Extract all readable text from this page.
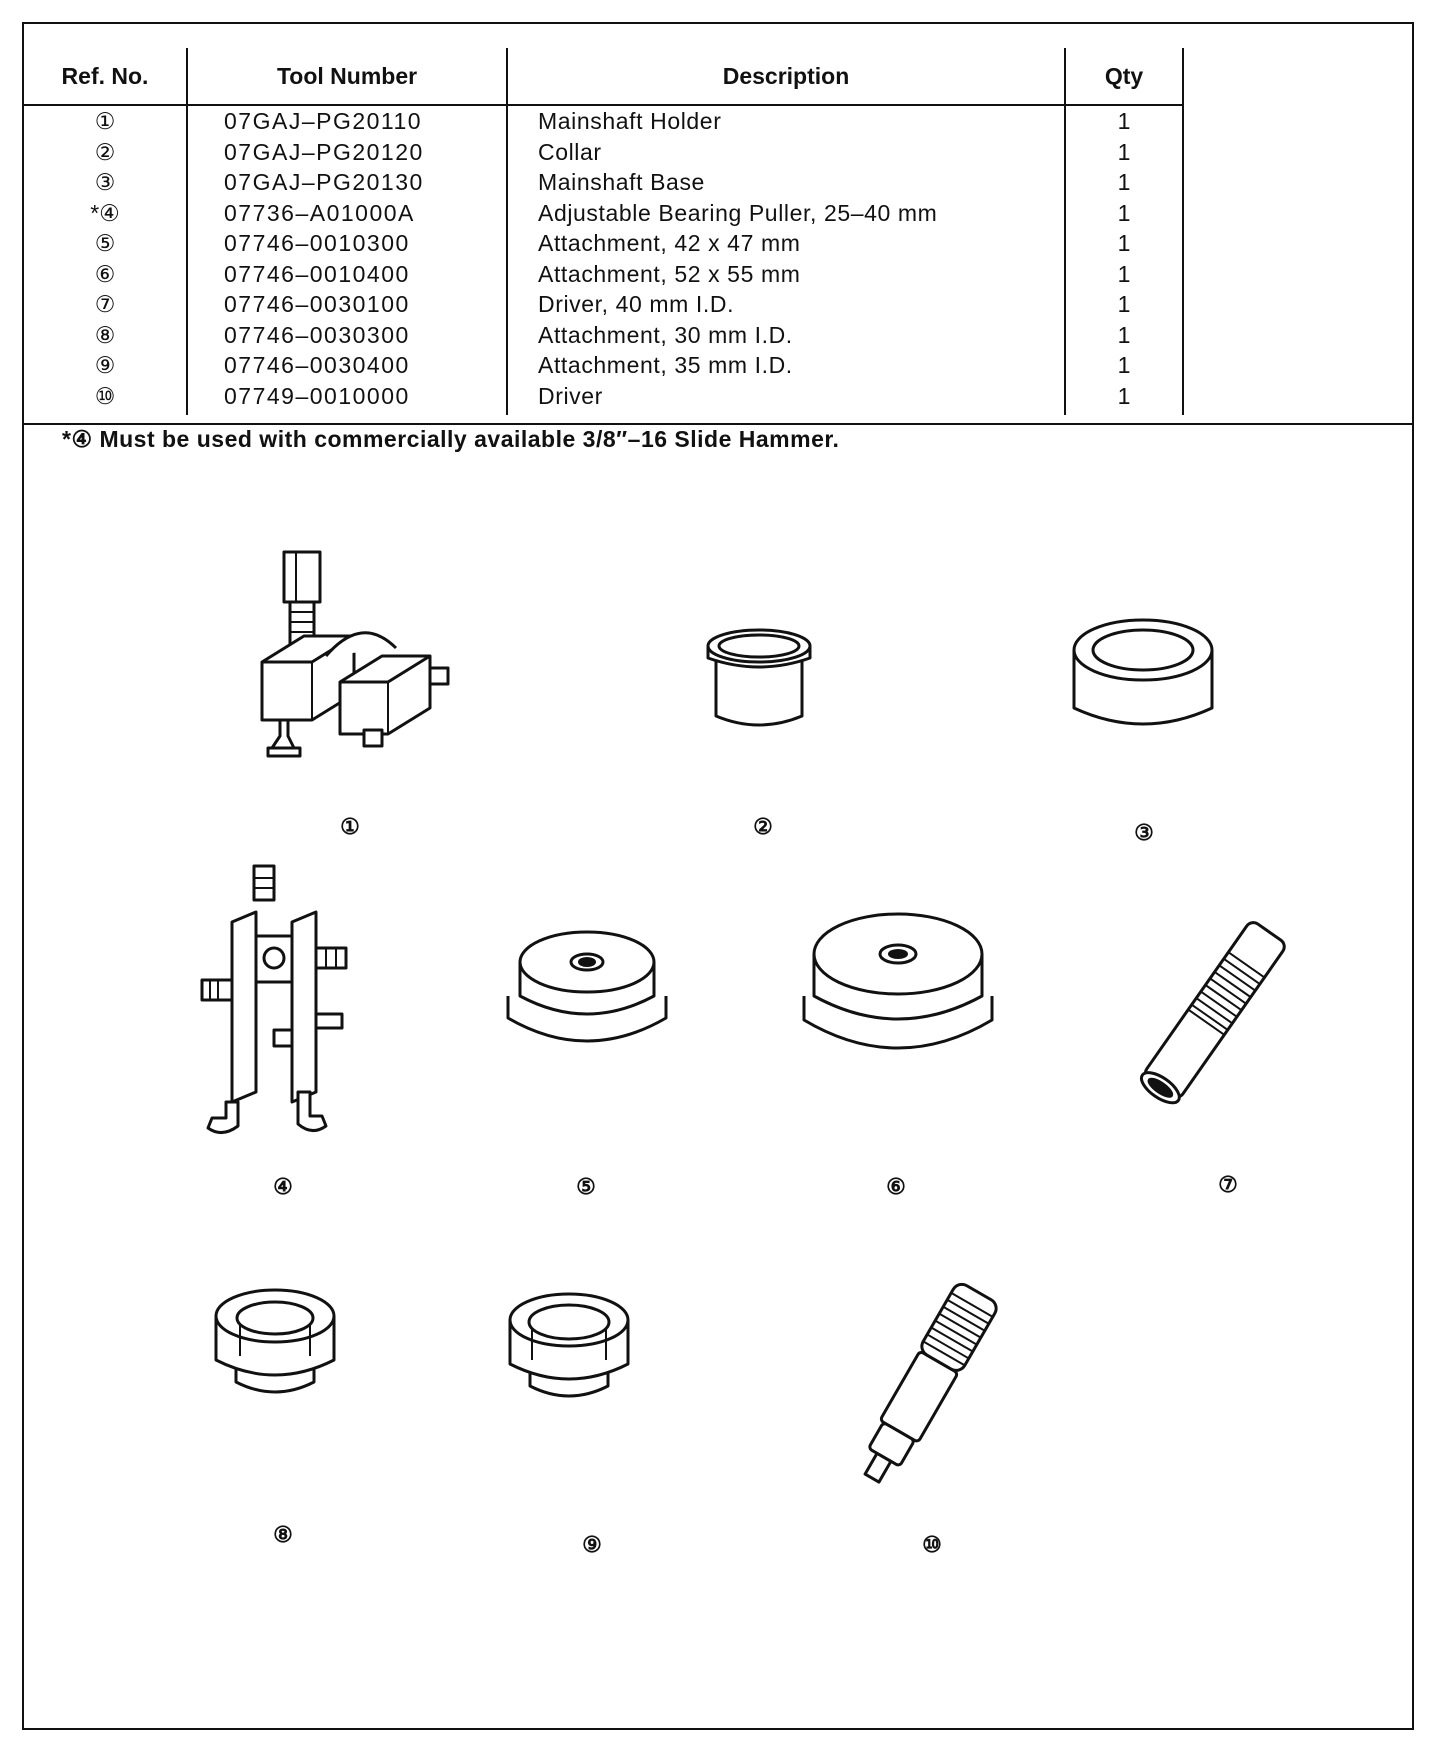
Ref. No.	Tool Number	Description	Qty
①	07GAJ–PG20110	Mainshaft Holder	1
②	07GAJ–PG20120	Collar	1
③	07GAJ–PG20130	Mainshaft Base	1
*④	07736–A01000A	Adjustable Bearing Puller, 25–40 mm	1
⑤	07746–0010300	Attachment, 42 x 47 mm	1
⑥	07746–0010400	Attachment, 52 x 55 mm	1
⑦	07746–0030100	Driver, 40 mm I.D.	1
⑧	07746–0030300	Attachment, 30 mm I.D.	1
⑨	07746–0030400	Attachment, 35 mm I.D.	1
⑩	07749–0010000	Driver	1
*④ Must be used with commercially available 3/8″–16 Slide Hammer.
①	②	③
④	⑤	⑥	⑦
⑧	⑨	⑩
